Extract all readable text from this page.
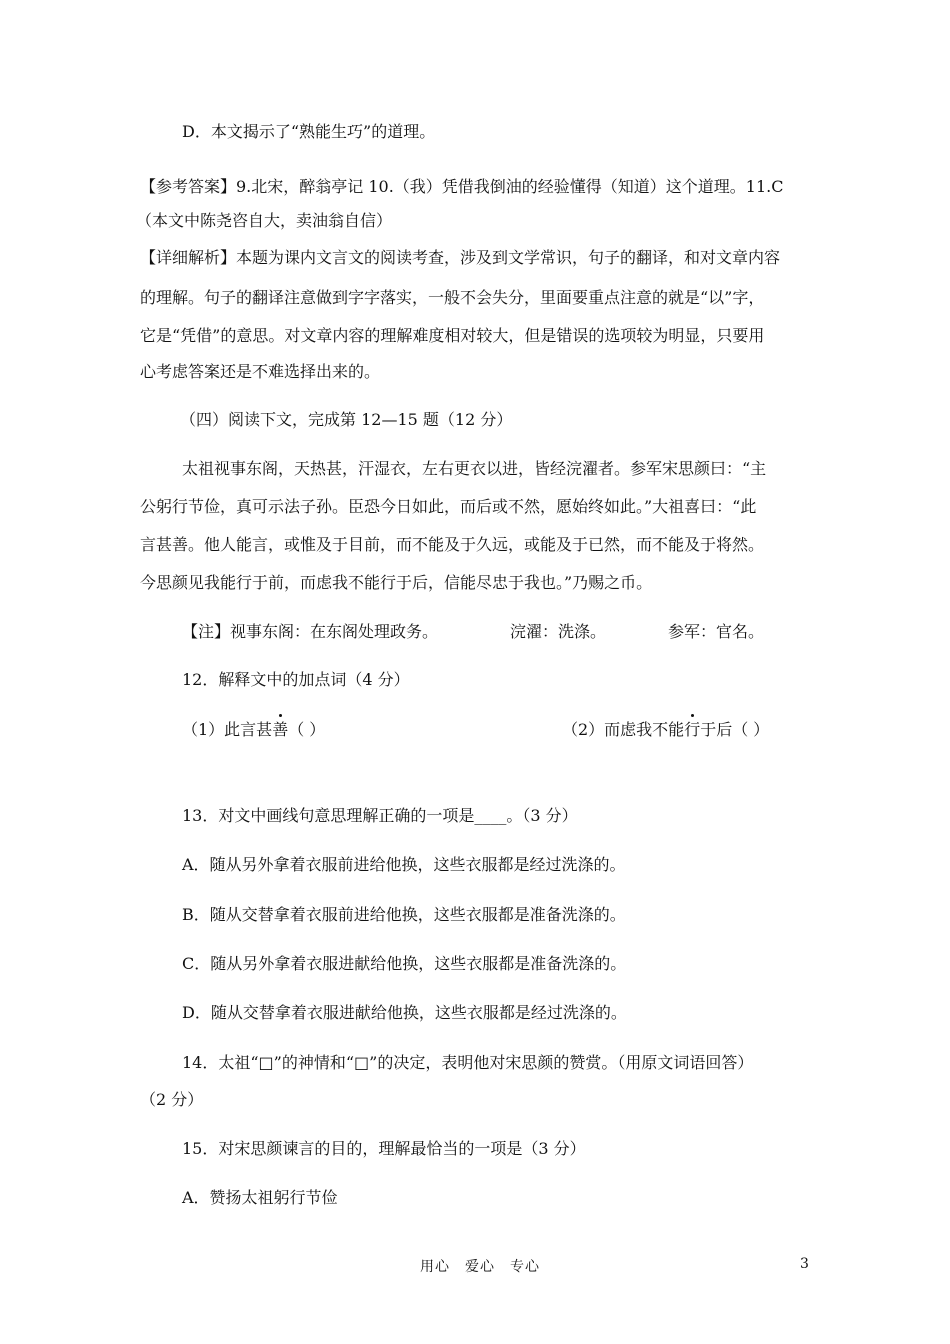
D．本文揭示了“熟能生巧”的道理。
【参考答案】9.北宋，醉翁亭记 10.（我）凭借我倒油的经验懂得（知道）这个道理。11.C
（本文中陈尧咨自大，卖油翁自信）
【详细解析】本题为课内文言文的阅读考查，涉及到文学常识，句子的翻译，和对文章内容
的理解。句子的翻译注意做到字字落实，一般不会失分，里面要重点注意的就是“以”字，
它是“凭借”的意思。对文章内容的理解难度相对较大，但是错误的选项较为明显，只要用
心考虑答案还是不难选择出来的。
（四）阅读下文，完成第 12—15 题（12 分）
太祖视事东阁，天热甚，汗湿衣，左右更衣以进，皆经浣濯者。参军宋思颜曰：“主
公躬行节俭，真可示法子孙。臣恐今日如此，而后或不然，愿始终如此。”大祖喜曰：“此
言甚善。他人能言，或惟及于目前，而不能及于久远，或能及于已然，而不能及于将然。
今思颜见我能行于前，而虑我不能行于后，信能尽忠于我也。”乃赐之币。
【注】视事东阁：在东阁处理政务。	浣濯：洗涤。	参军：官名。
12．解释文中的加点词（4 分）
（1）此言甚善（ ）	（2）而虑我不能行于后（ ）
13．对文中画线句意思理解正确的一项是____。（3 分）
A．随从另外拿着衣服前进给他换，这些衣服都是经过洗涤的。
B．随从交替拿着衣服前进给他换，这些衣服都是准备洗涤的。
C．随从另外拿着衣服进献给他换，这些衣服都是准备洗涤的。
D．随从交替拿着衣服进献给他换，这些衣服都是经过洗涤的。
14．太祖“□”的神情和“□”的决定，表明他对宋思颜的赞赏。（用原文词语回答）
（2 分）
15．对宋思颜谏言的目的，理解最恰当的一项是（3 分）
A．赞扬太祖躬行节俭
用心　爱心　专心	3
